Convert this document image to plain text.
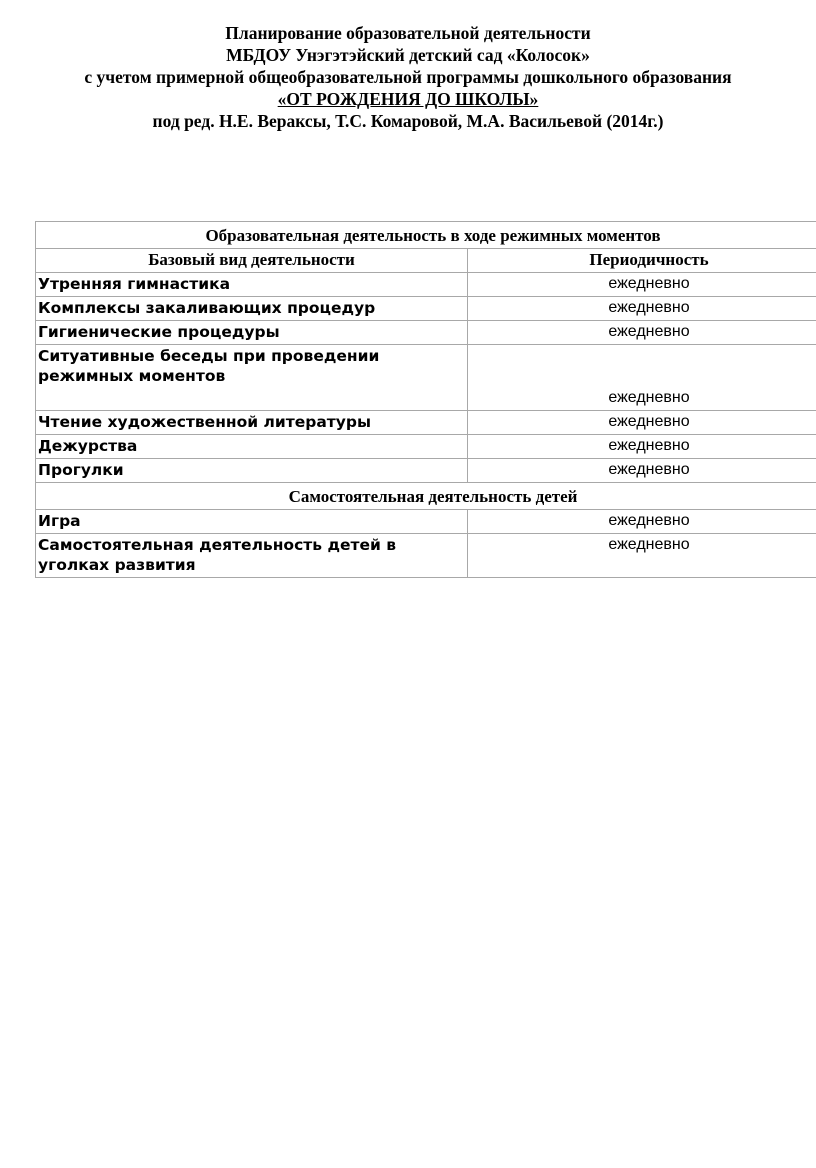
Планирование образовательной деятельности
МБДОУ Унэгэтэйский детский сад «Колосок»
с учетом примерной общеобразовательной программы дошкольного образования
«ОТ РОЖДЕНИЯ ДО ШКОЛЫ»
под ред. Н.Е. Вераксы, Т.С. Комаровой, М.А. Васильевой (2014г.)
Образовательная деятельность в ходе режимных моментов	
Базовый вид деятельности	Периодичность
Утренняя гимнастика	ежедневно
Комплексы закаливающих процедур	ежедневно
Гигиенические процедуры	ежедневно
Ситуативные беседы при проведении режимных моментов	ежедневно
Чтение художественной литературы	ежедневно
Дежурства	ежедневно
Прогулки	ежедневно
Самостоятельная деятельность детей	
Игра	ежедневно
Самостоятельная деятельность детей в уголках развития	ежедневно
